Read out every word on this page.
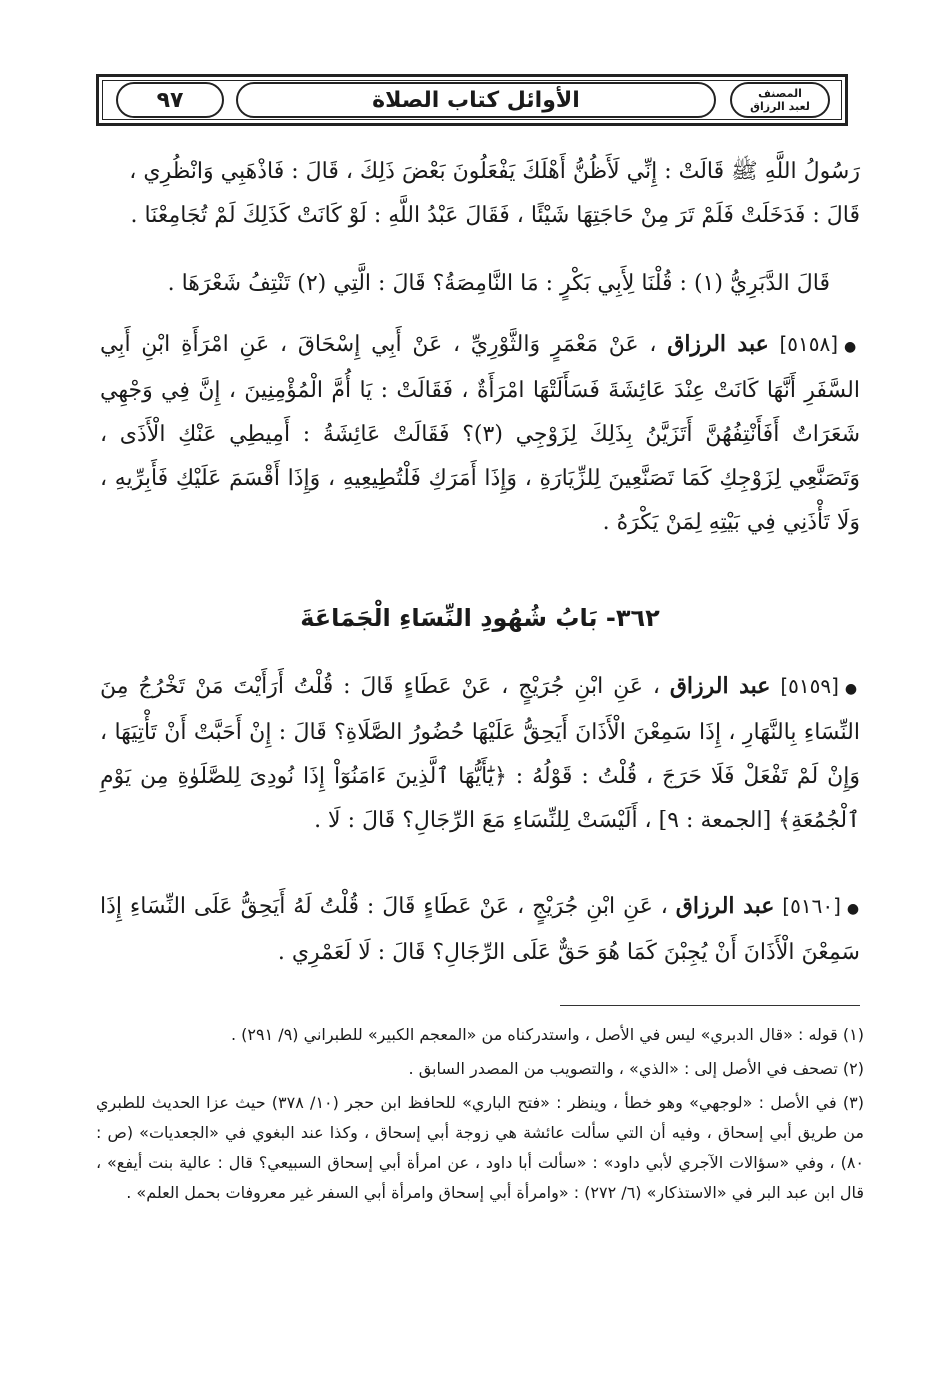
٩٧	الأوائل كتاب الصلاة	المصنف
لعبد الرزاق

رَسُولُ اللَّهِ ﷺ قَالَتْ : إِنِّي لَأَظُنُّ أَهْلَكَ يَفْعَلُونَ بَعْضَ ذَلِكَ ، قَالَ : فَاذْهَبِي وَانْظُرِي ،

قَالَ : فَدَخَلَتْ فَلَمْ تَرَ مِنْ حَاجَتِهَا شَيْئًا ، فَقَالَ عَبْدُ اللَّهِ : لَوْ كَانَتْ كَذَلِكَ لَمْ تُجَامِعْنَا .

قَالَ الدَّبَرِيُّ (١) : قُلْنَا لِأَبِي بَكْرٍ : مَا النَّامِصَةُ؟ قَالَ : الَّتِي (٢) تَنْتِفُ شَعْرَهَا .

●[٥١٥٨] عبد الرزاق ، عَنْ مَعْمَرٍ وَالثَّوْرِيِّ ، عَنْ أَبِي إِسْحَاقَ ، عَنِ امْرَأَةِ ابْنِ أَبِي السَّفَرِ أَنَّهَا كَانَتْ عِنْدَ عَائِشَةَ فَسَأَلَتْهَا امْرَأَةٌ ، فَقَالَتْ : يَا أُمَّ الْمُؤْمِنِينَ ، إِنَّ فِي وَجْهِي شَعَرَاتٌ أَفَأَنْتِفُهُنَّ أَتَزَيَّنُ بِذَلِكَ لِزَوْجِي (٣)؟ فَقَالَتْ عَائِشَةُ : أَمِيطِي عَنْكِ الْأَذَى ، وَتَصَنَّعِي لِزَوْجِكِ كَمَا تَصَنَّعِينَ لِلزِّيَارَةِ ، وَإِذَا أَمَرَكِ فَلْتُطِيعِيهِ ، وَإِذَا أَقْسَمَ عَلَيْكِ فَأَبِرِّيهِ ، وَلَا تَأْذَنِي فِي بَيْتِهِ لِمَنْ يَكْرَهُ .

٣٦٢- بَابُ شُهُودِ النِّسَاءِ الْجَمَاعَةَ

●[٥١٥٩] عبد الرزاق ، عَنِ ابْنِ جُرَيْجٍ ، عَنْ عَطَاءٍ قَالَ : قُلْتُ أَرَأَيْتَ مَنْ تَخْرُجُ مِنَ النِّسَاءِ بِالنَّهَارِ ، إِذَا سَمِعْنَ الْأَذَانَ أَيَحِقُّ عَلَيْهَا حُضُورُ الصَّلَاةِ؟ قَالَ : إِنْ أَحَبَّتْ أَنْ تَأْتِيَهَا ، وَإِنْ لَمْ تَفْعَلْ فَلَا حَرَجَ ، قُلْتُ : قَوْلُهُ : ﴿يَٰٓأَيُّهَا ٱلَّذِينَ ءَامَنُوٓاْ إِذَا نُودِىَ لِلصَّلَوٰةِ مِن يَوْمِ ٱلْجُمُعَةِ﴾ [الجمعة : ٩] ، أَلَيْسَتْ لِلنِّسَاءِ مَعَ الرِّجَالِ؟ قَالَ : لَا .

●[٥١٦٠] عبد الرزاق ، عَنِ ابْنِ جُرَيْجٍ ، عَنْ عَطَاءٍ قَالَ : قُلْتُ لَهُ أَيَحِقُّ عَلَى النِّسَاءِ إِذَا سَمِعْنَ الْأَذَانَ أَنْ يُجِبْنَ كَمَا هُوَ حَقٌّ عَلَى الرِّجَالِ؟ قَالَ : لَا لَعَمْرِي .

(١) قوله : «قال الدبري» ليس في الأصل ، واستدركناه من «المعجم الكبير» للطبراني (٩/ ٢٩١) .

(٢) تصحف في الأصل إلى : «الذي» ، والتصويب من المصدر السابق .

(٣) في الأصل : «لوجهي» وهو خطأ ، وينظر : «فتح الباري» للحافظ ابن حجر (١٠/ ٣٧٨) حيث عزا الحديث للطبري من طريق أبي إسحاق ، وفيه أن التي سألت عائشة هي زوجة أبي إسحاق ، وكذا عند البغوي في «الجعديات» (ص : ٨٠) ، وفي «سؤالات الآجري لأبي داود» : «سألت أبا داود ، عن امرأة أبي إسحاق السبيعي؟ قال : عالية بنت أيفع» ، قال ابن عبد البر في «الاستذكار» (٦/ ٢٧٢) : «وامرأة أبي إسحاق وامرأة أبي السفر غير معروفات بحمل العلم» .
